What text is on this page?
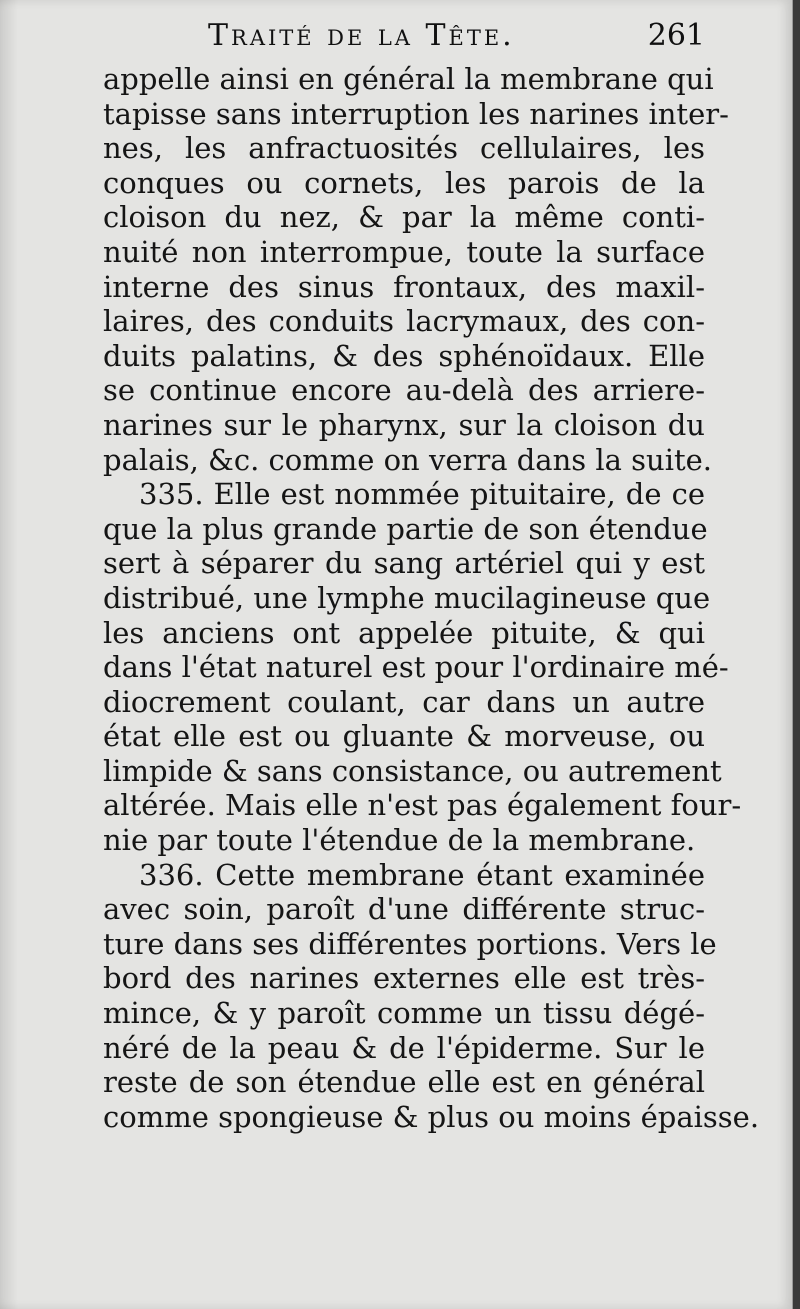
Traité de la Tête.	261
appelle ainsi en général la membrane qui
tapisse sans interruption les narines inter-
nes, les anfractuosités cellulaires, les
conques ou cornets, les parois de la
cloison du nez, & par la même conti-
nuité non interrompue, toute la surface
interne des sinus frontaux, des maxil-
laires, des conduits lacrymaux, des con-
duits palatins, & des sphénoïdaux. Elle
se continue encore au-delà des arriere-
narines sur le pharynx, sur la cloison du
palais, &c. comme on verra dans la suite.
335. Elle est nommée pituitaire, de ce
que la plus grande partie de son étendue
sert à séparer du sang artériel qui y est
distribué, une lymphe mucilagineuse que
les anciens ont appelée pituite, & qui
dans l'état naturel est pour l'ordinaire mé-
diocrement coulant, car dans un autre
état elle est ou gluante & morveuse, ou
limpide & sans consistance, ou autrement
altérée. Mais elle n'est pas également four-
nie par toute l'étendue de la membrane.
336. Cette membrane étant examinée
avec soin, paroît d'une différente struc-
ture dans ses différentes portions. Vers le
bord des narines externes elle est très-
mince, & y paroît comme un tissu dégé-
néré de la peau & de l'épiderme. Sur le
reste de son étendue elle est en général
comme spongieuse & plus ou moins épaisse.
